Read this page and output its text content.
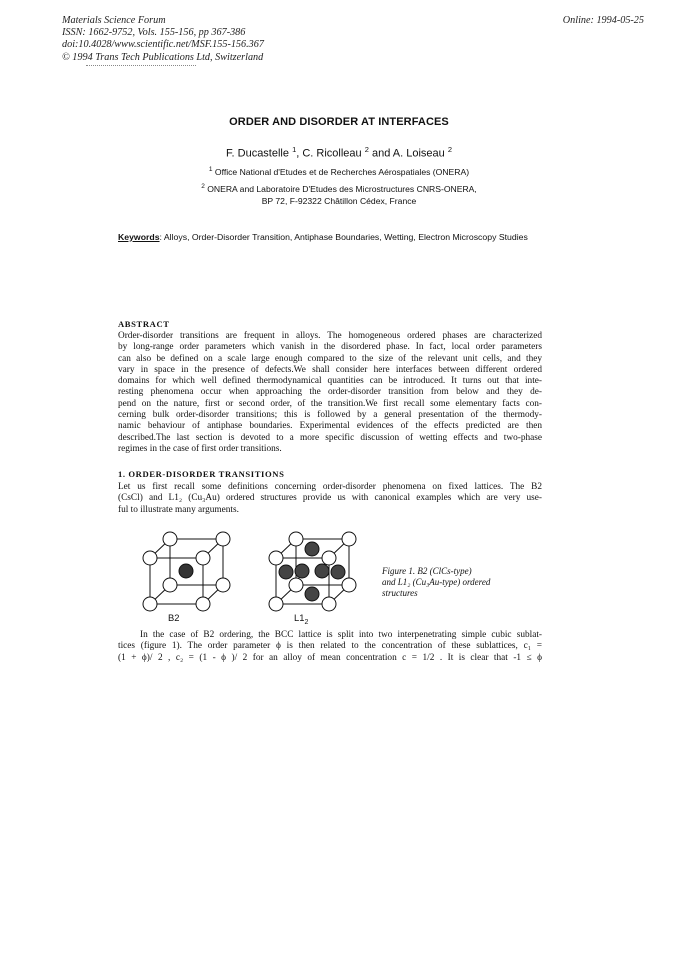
Materials Science Forum
ISSN: 1662-9752, Vols. 155-156, pp 367-386
doi:10.4028/www.scientific.net/MSF.155-156.367
© 1994 Trans Tech Publications Ltd, Switzerland
Online: 1994-05-25
ORDER AND DISORDER AT INTERFACES
F. Ducastelle $^1$, C. Ricolleau $^2$ and A. Loiseau $^2$
$^1$ Office National d'Etudes et de Recherches Aérospatiales (ONERA)
$^2$ ONERA and Laboratoire D'Etudes des Microstructures CNRS-ONERA,
BP 72, F-92322 Châtillon Cédex, France
Keywords: Alloys, Order-Disorder Transition, Antiphase Boundaries, Wetting, Electron Microscopy Studies
ABSTRACT
Order-disorder transitions are frequent in alloys. The homogeneous ordered phases are characterized
by long-range order parameters which vanish in the disordered phase. In fact, local order parameters
can also be defined on a scale large enough compared to the size of the relevant unit cells, and they
vary in space in the presence of defects.We shall consider here interfaces between different ordered
domains for which well defined thermodynamical quantities can be introduced. It turns out that inte-
resting phenomena occur when approaching the order-disorder transition from below and they de-
pend on the nature, first or second order, of the transition.We first recall some elementary facts con-
cerning bulk order-disorder transitions; this is followed by a general presentation of the thermody-
namic behaviour of antiphase boundaries. Experimental evidences of the effects predicted are then
described.The last section is devoted to a more specific discussion of wetting effects and two-phase
regimes in the case of first order transitions.
1. ORDER-DISORDER TRANSITIONS
Let us first recall some definitions concerning order-disorder phenomena on fixed lattices. The B2
(CsCl) and L1₂ (Cu₃Au) ordered structures provide us with canonical examples which are very use-
ful to illustrate many arguments.
B2	$L1_2$
Figure 1. B2 (ClCs-type)
and L1₂ (Cu₃Au-type) ordered
structures
In the case of B2 ordering, the BCC lattice is split into two interpenetrating simple cubic sublat-
tices (figure 1). The order parameter ϕ is then related to the concentration of these sublattices, c₁ =
(1 + ϕ)/ 2 , c₂ = (1 - ϕ )/ 2 for an alloy of mean concentration c = 1/2 . It is clear that -1 ≤ ϕ
